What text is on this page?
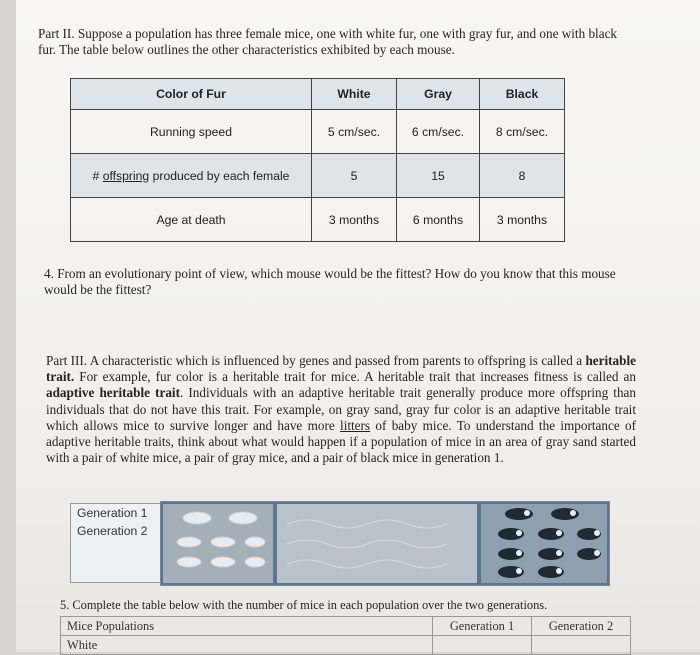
Part II. Suppose a population has three female mice, one with white fur, one with gray fur, and one with black fur. The table below outlines the other characteristics exhibited by each mouse.
Color of Fur	White	Gray	Black
Running speed	5 cm/sec.	6 cm/sec.	8 cm/sec.
# offspring produced by each female	5	15	8
Age at death	3 months	6 months	3 months
4. From an evolutionary point of view, which mouse would be the fittest? How do you know that this mouse would be the fittest?
Part III. A characteristic which is influenced by genes and passed from parents to offspring is called a heritable trait. For example, fur color is a heritable trait for mice. A heritable trait that increases fitness is called an adaptive heritable trait. Individuals with an adaptive heritable trait generally produce more offspring than individuals that do not have this trait. For example, on gray sand, gray fur color is an adaptive heritable trait which allows mice to survive longer and have more litters of baby mice. To understand the importance of adaptive heritable traits, think about what would happen if a population of mice in an area of gray sand started with a pair of white mice, a pair of gray mice, and a pair of black mice in generation 1.
Generation 1
Generation 2
5. Complete the table below with the number of mice in each population over the two generations.
Mice Populations	Generation 1	Generation 2
White		
